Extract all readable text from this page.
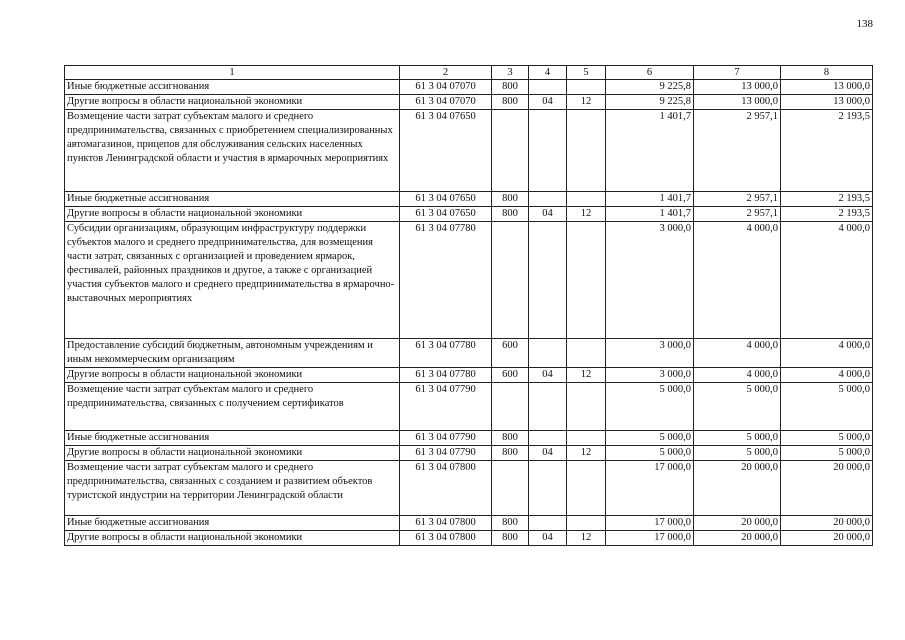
138
1	2	3	4	5	6	7	8
Иные бюджетные ассигнования	61 3 04 07070	800			9 225,8	13 000,0	13 000,0
Другие вопросы в области национальной экономики	61 3 04 07070	800	04	12	9 225,8	13 000,0	13 000,0
Возмещение части затрат субъектам малого и среднего предпринимательства, связанных с приобретением специализированных автомагазинов, прицепов для обслуживания сельских населенных пунктов Ленинградской области и участия в ярмарочных мероприятиях	61 3 04 07650				1 401,7	2 957,1	2 193,5
Иные бюджетные ассигнования	61 3 04 07650	800			1 401,7	2 957,1	2 193,5
Другие вопросы в области национальной экономики	61 3 04 07650	800	04	12	1 401,7	2 957,1	2 193,5
Субсидии организациям, образующим инфраструктуру поддержки субъектов малого и среднего предпринимательства, для возмещения части затрат, связанных с организацией и проведением ярмарок, фестивалей, районных праздников и другое, а также с организацией участия субъектов малого и среднего предпринимательства в ярмарочно-выставочных мероприятиях	61 3 04 07780				3 000,0	4 000,0	4 000,0
Предоставление субсидий бюджетным, автономным учреждениям и иным некоммерческим организациям	61 3 04 07780	600			3 000,0	4 000,0	4 000,0
Другие вопросы в области национальной экономики	61 3 04 07780	600	04	12	3 000,0	4 000,0	4 000,0
Возмещение части затрат субъектам малого и среднего предпринимательства, связанных с получением сертификатов	61 3 04 07790				5 000,0	5 000,0	5 000,0
Иные бюджетные ассигнования	61 3 04 07790	800			5 000,0	5 000,0	5 000,0
Другие вопросы в области национальной экономики	61 3 04 07790	800	04	12	5 000,0	5 000,0	5 000,0
Возмещение части затрат субъектам малого и среднего предпринимательства, связанных с созданием и развитием объектов туристской индустрии на территории Ленинградской области	61 3 04 07800				17 000,0	20 000,0	20 000,0
Иные бюджетные ассигнования	61 3 04 07800	800			17 000,0	20 000,0	20 000,0
Другие вопросы в области национальной экономики	61 3 04 07800	800	04	12	17 000,0	20 000,0	20 000,0
